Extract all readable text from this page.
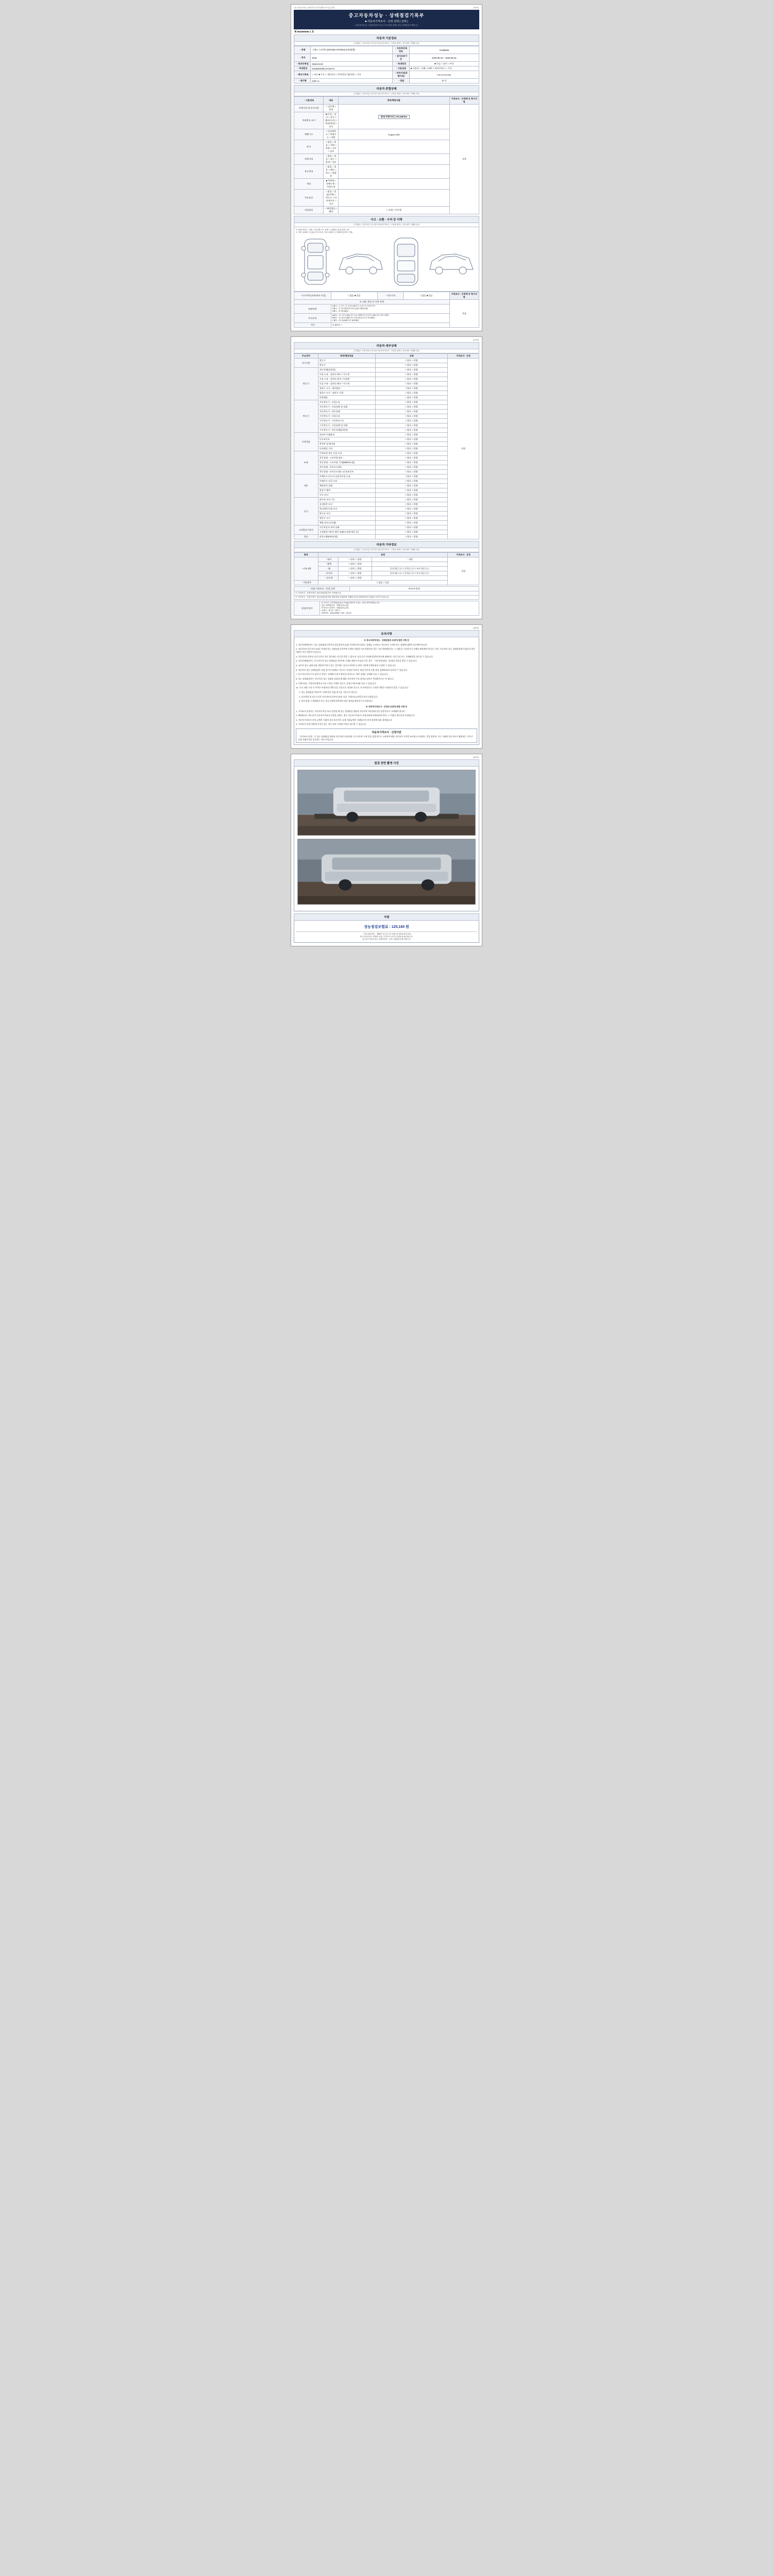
중고자동차성능·상태점검기록부(제3호서식) (앞쪽)	(1/4면)
중고자동차성능 · 상태점검기록부
■ 자동차가격조사 · 산정 선택 ( 선택 )
( 자동차인도일 : 산정일자(인도일 등 모든일자) 선택 ) 성능·상태점검 기재일시 )
제 952080596 1 호
자동차 기본정보
(기재없는 기록부/및 특가사항 자동차가격조사 · 산정을 원하는 경우에만 기재합니다)
ㆍ차명	그랜드 스타렉스(GRAND STAREX)-5세대(밴)	ㆍ자동차등록번호	71S06604
ㆍ연식	2018	ㆍ검사유효기간	2025-08-23 ~ 2026-08-22
ㆍ최초등록일	2018-04-03	ㆍ차대번호	■ 동일 □ 상이 □ 부식
ㆍ차대번호	KMJWD37BU-S710771	ㆍ사용연료	■ 가솔린 □ 디젤 □ LPG □ 하이브리드 □ 기타
ㆍ변속기종류	□ 자동 ■ 수동 □ 세미오토 □ 무단변속기(CVT) □ 기타	ㆍ주차거리(주행거리)	0 0 0 0 0 0 km
ㆍ배기량	2497 cc	ㆍ정원	12 인
자동차 종합상태
(기재없는 기록부/및 특가사항 자동차가격조사 · 산정을 원하는 경우에만 기재합니다)
ㆍ사용연료	내용	항목/해당내용	가격조사 · 산정액 등 특가사항
주행거리 및 특가사항	□ 실주행 □ 변경	현재 주행거리 | 170,198 km	적정
차대번호 표기	■ 동일 □ 상이 □ 부식 □ 훼손(오손) □ 변조(변타) □ 상이		
배출가스	□ 일산화탄소 □ 탄화수소 □ 매연	% ppm 10%	
튜닝	□ 없음 □ 있음 □ 적법 □ 불법 □ 구조 □ 장치		
특별이력	□ 없음 □ 있음 □ 침수 □ 화재 □ 전손		
용도변경	□ 없음 □ 있음 □ 렌트 □ 리스 □ 영업용		
색상	■ 무채색 □ 전체도색 □ 부분도색		
주요옵션	□ 없음 □ 있음(선택) □ 썬루프 □ 내비게이션 □ 기타		
리콜대상	□ 해당없음 □ 해당	□ 이행 □ 미이행	
사고 · 교환 · 수리 등 이력
(기재없는 기록부/및 특가사항 자동차가격조사 · 산정을 원하는 경우에만 기재합니다)
※ (내부/외부) : 교환 = 앞/교환 또는 용접 = 교환(X), 판금/용접 = W
※ 하단 상태표시 용품(주기준이외, 기타 차량의 등 상태에 한하여 기재)
ㆍ사고이력 (교차/권리 수입)	□ 없음 ■ 있음	ㆍ단순수리	□ 없음 ■ 있음	가격조사 · 산정액 등 특가사항
※ 교환, 판금 등 이상 부위				적정
외판부위	1랭크 : ① 후드 ② 프론트펜더 ③ 도어 ④ 트렁크리드
2랭크 : ⑤ 라디에이터서포트(볼트체결부품)
3랭크 : ⑩ 쿼터패널			

주요골격	A랭크 : ⑪ 프론트패널 ⑫ 크로스멤버 ⑬ 인사이드패널 ⑭ 사이드멤버
B랭크 : ⑮ 플로어패널 ⑯ 트렁크플로어 ⑰ 리어패널
C랭크 : ⑱ 대쉬패널 ⑲ 필러패널			

기타	⑳ 휠하우스			
(2/4면)
자동차 세부상태
(기재없는 기록부/및 특가사항 자동차가격조사 · 산정을 원하는 경우에만 기재합니다)
주요장치	항목/해당내용	상태	가격조사 · 산정
자가진단	원동기	□ 양호 □ 불량	적정
	변속기	□ 양호 □ 불량	
원동기	작동상태(공회전)	□ 양호 □ 불량	
	오일 누유 - 실린더 헤드 / 가스켓	□ 양호 □ 불량	
	오일 누유 - 실린더 블록 / 오일팬	□ 양호 □ 불량	
	오일 누유 - 실린더 헤드 / 가스켓	□ 양호 □ 불량	
	냉각수 누수 - 워터펌프	□ 양호 □ 불량	
	냉각수 누수 - 냉각수 수량	□ 양호 □ 불량	
	커먼레일	□ 양호 □ 불량	
변속기	자동변속기 - 오일누유	□ 양호 □ 불량	
	자동변속기 - 오일유량 및 상태	□ 양호 □ 불량	
	자동변속기 - 작동상태	□ 양호 □ 불량	
	수동변속기 - 오일누유	□ 양호 □ 불량	
	수동변속기 - 기어변속기구	□ 양호 □ 불량	
	수동변속기 - 오일유량 및 상태	□ 양호 □ 불량	
	수동변속기 - 작동상태(공회전)	□ 양호 □ 불량	
동력전달	클러치 어셈블리	□ 양호 □ 불량	
	등속조인트	□ 양호 □ 불량	
	추진축 및 베어링	□ 양호 □ 불량	
	디퍼렌셜 기어	□ 양호 □ 불량	
조향	동력조향 작동 오일 누유	□ 양호 □ 불량	
	작동상태 - 스티어링 펌프	□ 양호 □ 불량	
	작동상태 - 스티어링 기어(MDPS포함)	□ 양호 □ 불량	
	작동상태 - 타이로드엔드	□ 양호 □ 불량	
	작동상태 - 타이로드엔드 및 볼조인트	□ 양호 □ 불량	
제동	브레이크 마스터 실린더오일 누유	□ 양호 □ 불량	
	브레이크 오일 누유	□ 양호 □ 불량	
	배력장치 상태	□ 양호 □ 불량	
	발전기 출력	□ 양호 □ 불량	
	시동 모터	□ 양호 □ 불량	
전기	와이퍼 모터 기능	□ 양호 □ 불량	
	실내송풍 모터	□ 양호 □ 불량	
	라디에이터 팬 모터	□ 양호 □ 불량	
	윈도우 모터	□ 양호 □ 불량	
	냉각수 누수	□ 양호 □ 불량	
	예열 플러그(디젤)	□ 양호 □ 불량	
고전원전기장치	구동축전지 격리 상태	□ 양호 □ 불량	
	고전원전기장치 절연 상태(고전압 배선 등)	□ 양호 □ 불량	
연료	연료누출(LPG포함)	□ 양호 □ 불량	
자동차 기타정보
(기재없는 기록부/및 특가사항 자동차가격조사 · 산정을 원하는 경우에만 기재합니다)
항목	상태			가격조사 · 산정
ㆍ사용내용	ㆍ유리	□ 양호 □ 불량	ㆍ내장	적정
	ㆍ광택	□ 양호 □ 불량		
	ㆍ휠	□ 양호 □ 불량	운전석(①②□ / 중간(①②□ / 조수석(①②□	
	ㆍ타이어	□ 양호 □ 불량	운전석(①②□ / 중간(①②□ / 조수석(①②□	
	ㆍ속도계	□ 양호 □ 불량		
ㆍ기본품목	□ 없음 □ 있음			
ㆍ보험 가격조사 · 산정 금액	0 0 0 0 원정
※ 가격조사 · 산정가격은 성능상태점검자가 작성합니다.
※ 가격조사 · 산정가격은 성능상태점검자의 책임하에 기재되며 거래당사자간 합의에 따라 결정된 가격이 아닙니다.
점검/산정자	
본 진단은 교부하였음(임교사자)(임대자료가 있는 경우) 확인하였습니다.
성능·상태점검자 : 성명(상호) (인)
가격조사·산정자 : 성명(상호) (인)
소재지 : 경기도 고양시 ...
전화번호 : 1544-0000 / 대표 : 홍길동
(3/4면)
유의사항
※ 중고자동차성능 · 상태점검의 보증에 관한 사항 등

1. 자동차매매업자는 성능·상태점검기록부를 발급일부터 30일 이내에 자동차성능·상태를 고지하고 자동차의 고지된 성능·상태에 대하여 보증해야 합니다.

2. 자동차인도일로부터 30일 이내에 성능·상태점검기록부에 기재된 내용과 다르게 확인된 경우, 자동차매매업자는 그 내용을 수리하거나 손해를 배상해야 합니다. 다만, 자동차의 성능·상태점검에 포함되지 않은 내용은 보증 대상이 아닙니다.

3. 자동차인도일부터 보증기간이 지난 경우에는 보증을 받을 수 없으며, 보증기간 이내에 발견된 하자에 대해서는 보증수리 또는 손해배상을 청구할 수 있습니다.

4. 자동차매매업자는 중고자동차 성능·상태점검기록부에 기재된 내용이 사실과 다른 경우 「자동차관리법」에 따라 처분을 받을 수 있습니다.

5. 자동차 성능·상태 점검 내용에 이의가 있는 경우에는 한국소비자원 등 관련 기관에 분쟁조정을 신청할 수 있습니다.

6. 자동차의 성능·상태점검은 점검 당시의 상태를 기준으로 작성된 것이며, 점검 이후의 사용·관리 상태에 따라 달라질 수 있습니다.

7. 중고자동차의 주요 장치 중 일부는 분해하지 않고 확인한 것이므로, 내부 상태는 실제와 다를 수 있습니다.

8. 성능·상태점검자는 자동차의 성능·상태를 점검할 때 해당 자동차의 구조·장치를 임의로 변경하여서는 안 됩니다.

9. 주행거리는 주행거리계에 표시된 수치를 기재한 것으로, 실제 주행거리와 다를 수 있습니다.

10. 사고·교환·수리 등 이력은 보험처리 내역 등을 기준으로 작성된 것으로, 자기부담으로 수리한 내역은 포함되지 않을 수 있습니다.

1. 성능·상태점검기록부의 기재사항은 점검 당시를 기준으로 합니다.

2. 보증범위 및 보증기간은 자동차인도일부터 30일 이상, 주행거리 2천킬로미터 이상입니다.

3. 하자 발생 시 매매업자 또는 보증기관에 연락하여 처리 절차를 확인하시기 바랍니다.

※ 자동차가격조사 · 산정의 보증에 관한 사항 등

1. 가격조사·산정자는 자동차가격을 조사·산정할 때 성능·상태점검 내용과 자동차의 사용상태 등을 종합적으로 고려해야 합니다.

2. 매매업자는 매수인이 자동차가격조사·산정을 원하는 경우 자동차가격조사·산정자에게 의뢰하여야 하며, 그 비용은 매수인이 부담합니다.

3. 자동차가격조사·산정 금액은 거래의 참고자료이며, 실제 거래금액은 거래당사자 간의 합의에 따라 결정됩니다.

4. 가격조사·산정 내용에 이의가 있는 경우 관련 기관에 이의를 제기할 수 있습니다.

자동차가격조사 · 산정이란
「가격조사·산정」은 성능·상태점검 내용과 자동차의 사용상태, 중고자동차 시세 등을 종합적으로 고려하여 해당 자동차의 가격을 조사하고 산정하는 것을 말하며, 이는 거래의 참고자료로 활용되는 것으로 실제 거래가격을 보증하는 것은 아닙니다.
(4/4면)
점검 장면 촬영 사진
서명
성능점검보험료 : 125,180 원
「자동차관리법」 제58조 및 같은 법 시행규칙 제120조에 따라
중고자동차성능·상태를 점검 ( 가격조사·산정 ) 하였음을 확인합니다.
[ ¥ ] 중고자동차성능·상태점검자 · 산정 ) 바랍감을 확인합니다.
